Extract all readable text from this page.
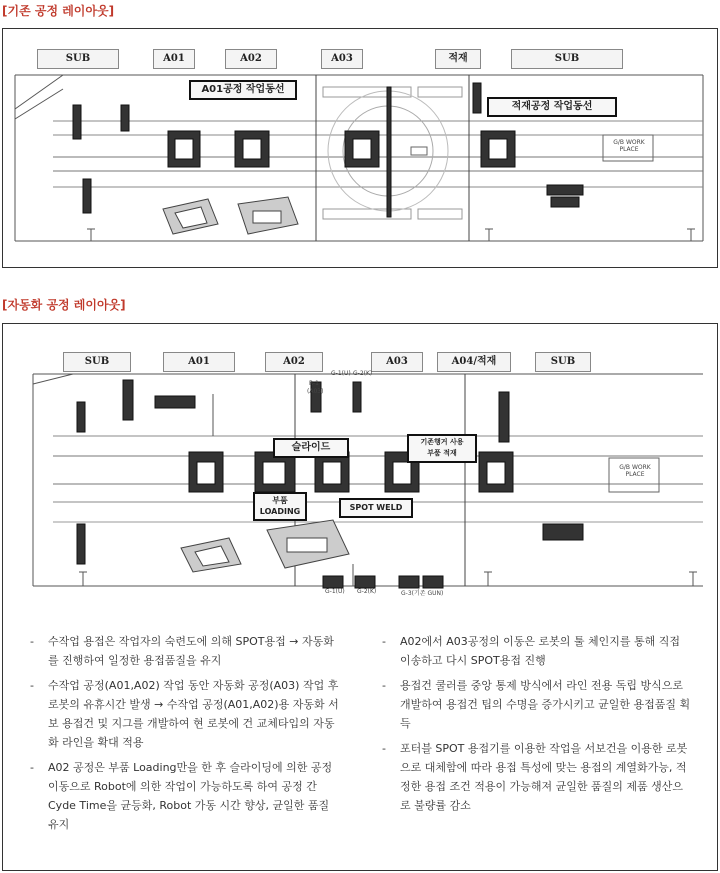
[기존 공정 레이아웃]
SUB	A01	A02	A03	적재	SUB
A01공정 작업동선
적재공정 작업동선
G/B WORK PLACE
[자동화 공정 레이아웃]
SUB	A01	A02	A03	A04/적재	SUB
슬라이드
부품
LOADING	SPOT WELD
기존행거 사용
부품 적재
R-1
(A03)
G-1(U) G-2(K)
G-1(U) G-2(K)	G-3(기존 GUN)
G/B WORK PLACE
- 수작업 용접은 작업자의 숙련도에 의해 SPOT용접 → 자동화를 진행하여 일정한 용접품질을 유지
- 수작업 공정(A01,A02) 작업 동안 자동화 공정(A03) 작업 후 로봇의 유휴시간 발생 → 수작업 공정(A01,A02)용 자동화 서보 용접건 및 지그를 개발하여 현 로봇에 건 교체타입의 자동화 라인을 확대 적용
- A02 공정은 부품 Loading만을 한 후 슬라이딩에 의한 공정이동으로 Robot에 의한 작업이 가능하도록 하여 공정 간 Cyde Time을 균등화, Robot 가동 시간 향상, 균일한 품질 유지
- A02에서 A03공정의 이동은 로봇의 툴 체인지를 통해 직접 이송하고 다시 SPOT용접 진행
- 용접건 쿨러를 중앙 통제 방식에서 라인 전용 독립 방식으로 개발하여 용접건 팁의 수명을 증가시키고 균일한 용접품질 획득
- 포터블 SPOT 용접기를 이용한 작업을 서보건을 이용한 로봇으로 대체함에 따라 용접 특성에 맞는 용접의 계열화가능, 적정한 용접 조건 적용이 가능해져 균일한 품질의 제품 생산으로 불량률 감소
